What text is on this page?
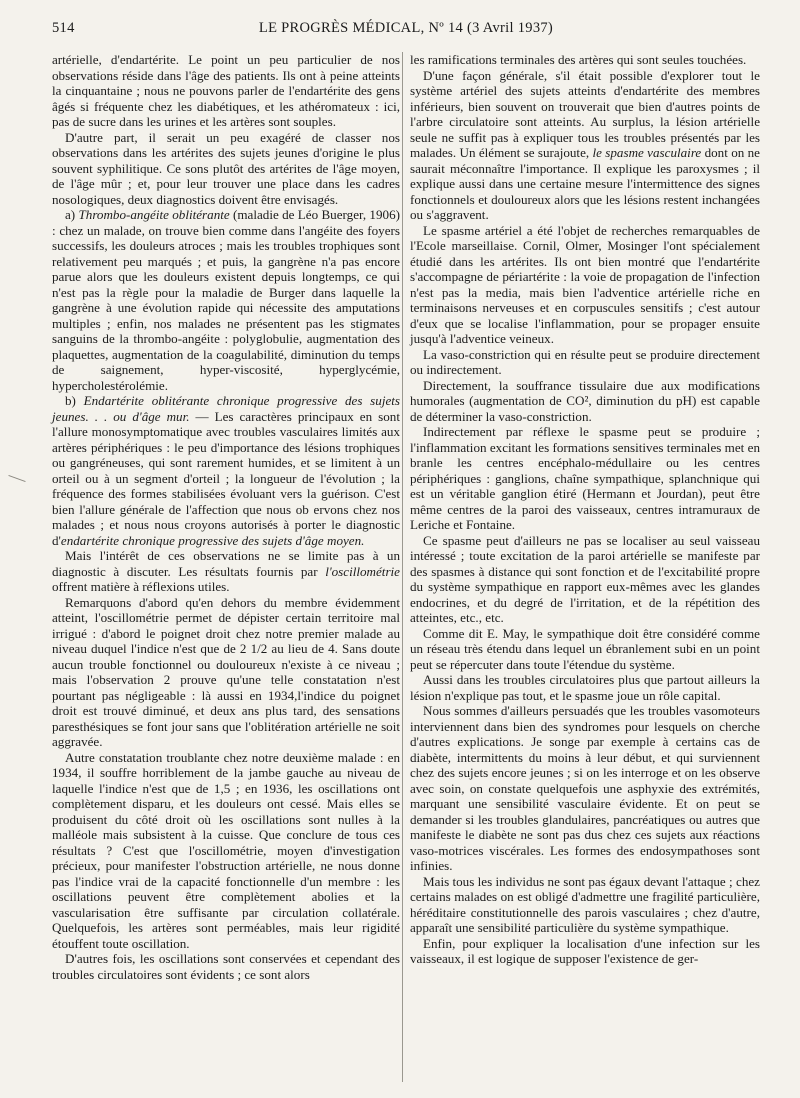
514	LE PROGRÈS MÉDICAL, Nº 14 (3 Avril 1937)

artérielle, d'endartérite. Le point un peu particulier de nos observations réside dans l'âge des patients. Ils ont à peine atteints la cinquantaine ; nous ne pouvons parler de l'endartérite des gens âgés si fréquente chez les diabétiques, et les athéromateux : ici, pas de sucre dans les urines et les artères sont souples.

D'autre part, il serait un peu exagéré de classer nos observations dans les artérites des sujets jeunes d'origine le plus souvent syphilitique. Ce sons plutôt des artérites de l'âge moyen, de l'âge mûr ; et, pour leur trouver une place dans les cadres nosologiques, deux diagnostics doivent être envisagés.

a) Thrombo-angéite oblitérante (maladie de Léo Buerger, 1906) : chez un malade, on trouve bien comme dans l'angéite des foyers successifs, les douleurs atroces ; mais les troubles trophiques sont relativement peu marqués ; et puis, la gangrène n'a pas encore parue alors que les douleurs existent depuis longtemps, ce qui n'est pas la règle pour la maladie de Burger dans laquelle la gangrène à une évolution rapide qui nécessite des amputations multiples ; enfin, nos malades ne présentent pas les stigmates sanguins de la thrombo-angéite : polyglobulie, augmentation des plaquettes, augmentation de la coagulabilité, diminution du temps de saignement, hyper-viscosité, hyperglycémie, hypercholestérolémie.

b) Endartérite oblitérante chronique progressive des sujets jeunes. . . ou d'âge mur. — Les caractères principaux en sont l'allure monosymptomatique avec troubles vasculaires limités aux artères périphériques : le peu d'importance des lésions trophiques ou gangréneuses, qui sont rarement humides, et se limitent à un orteil ou à un segment d'orteil ; la longueur de l'évolution ; la fréquence des formes stabilisées évoluant vers la guérison. C'est bien l'allure générale de l'affection que nous ob ervons chez nos malades ; et nous nous croyons autorisés à porter le diagnostic d'endartérite chronique progressive des sujets d'âge moyen.

Mais l'intérêt de ces observations ne se limite pas à un diagnostic à discuter. Les résultats fournis par l'oscillométrie offrent matière à réflexions utiles.

Remarquons d'abord qu'en dehors du membre évidemment atteint, l'oscillométrie permet de dépister certain territoire mal irrigué : d'abord le poignet droit chez notre premier malade au niveau duquel l'indice n'est que de 2 1/2 au lieu de 4. Sans doute aucun trouble fonctionnel ou douloureux n'existe à ce niveau ; mais l'observation 2 prouve qu'une telle constatation n'est pourtant pas négligeable : là aussi en 1934,l'indice du poignet droit est trouvé diminué, et deux ans plus tard, des sensations paresthésiques se font jour sans que l'oblitération artérielle ne soit aggravée.

Autre constatation troublante chez notre deuxième malade : en 1934, il souffre horriblement de la jambe gauche au niveau de laquelle l'indice n'est que de 1,5 ; en 1936, les oscillations ont complètement disparu, et les douleurs ont cessé. Mais elles se produisent du côté droit où les oscillations sont nulles à la malléole mais subsistent à la cuisse. Que conclure de tous ces résultats ? C'est que l'oscillométrie, moyen d'investigation précieux, pour manifester l'obstruction artérielle, ne nous donne pas l'indice vrai de la capacité fonctionnelle d'un membre : les oscillations peuvent être complètement abolies et la vascularisation être suffisante par circulation collatérale. Quelquefois, les artères sont perméables, mais leur rigidité étouffent toute oscillation.

D'autres fois, les oscillations sont conservées et cependant des troubles circulatoires sont évidents ; ce sont alors

les ramifications terminales des artères qui sont seules touchées.

D'une façon générale, s'il était possible d'explorer tout le système artériel des sujets atteints d'endartérite des membres inférieurs, bien souvent on trouverait que bien d'autres points de l'arbre circulatoire sont atteints. Au surplus, la lésion artérielle seule ne suffit pas à expliquer tous les troubles présentés par les malades. Un élément se surajoute, le spasme vasculaire dont on ne saurait méconnaître l'importance. Il explique les paroxysmes ; il explique aussi dans une certaine mesure l'intermittence des signes fonctionnels et douloureux alors que les lésions restent inchangées ou s'aggravent.

Le spasme artériel a été l'objet de recherches remarquables de l'Ecole marseillaise. Cornil, Olmer, Mosinger l'ont spécialement étudié dans les artérites. Ils ont bien montré que l'endartérite s'accompagne de périartérite : la voie de propagation de l'infection n'est pas la media, mais bien l'adventice artérielle riche en terminaisons nerveuses et en corpuscules sensitifs ; c'est autour d'eux que se localise l'inflammation, pour se propager ensuite jusqu'à l'adventice veineux.

La vaso-constriction qui en résulte peut se produire directement ou indirectement.

Directement, la souffrance tissulaire due aux modifications humorales (augmentation de CO², diminution du pH) est capable de déterminer la vaso-constriction.

Indirectement par réflexe le spasme peut se produire ; l'inflammation excitant les formations sensitives terminales met en branle les centres encéphalo-médullaire ou les centres périphériques : ganglions, chaîne sympathique, splanchnique qui est un véritable ganglion étiré (Hermann et Jourdan), peut être même centres de la paroi des vaisseaux, centres intramuraux de Leriche et Fontaine.

Ce spasme peut d'ailleurs ne pas se localiser au seul vaisseau intéressé ; toute excitation de la paroi artérielle se manifeste par des spasmes à distance qui sont fonction et de l'excitabilité propre du système sympathique en rapport eux-mêmes avec les glandes endocrines, et du degré de l'irritation, et de la répétition des atteintes, etc., etc.

Comme dit E. May, le sympathique doit être considéré comme un réseau très étendu dans lequel un ébranlement subi en un point peut se répercuter dans toute l'étendue du système.

Aussi dans les troubles circulatoires plus que partout ailleurs la lésion n'explique pas tout, et le spasme joue un rôle capital.

Nous sommes d'ailleurs persuadés que les troubles vasomoteurs interviennent dans bien des syndromes pour lesquels on cherche d'autres explications. Je songe par exemple à certains cas de diabète, intermittents du moins à leur début, et qui surviennent chez des sujets encore jeunes ; si on les interroge et on les observe avec soin, on constate quelquefois une asphyxie des extrémités, marquant une sensibilité vasculaire évidente. Et on peut se demander si les troubles glandulaires, pancréatiques ou autres que manifeste le diabète ne sont pas dus chez ces sujets aux réactions vaso-motrices viscérales. Les formes des endosympathoses sont infinies.

Mais tous les individus ne sont pas égaux devant l'attaque ; chez certains malades on est obligé d'admettre une fragilité particulière, héréditaire constitutionnelle des parois vasculaires ; chez d'autre, apparaît une sensibilité particulière du système sympathique.

Enfin, pour expliquer la localisation d'une infection sur les vaisseaux, il est logique de supposer l'existence de ger-
